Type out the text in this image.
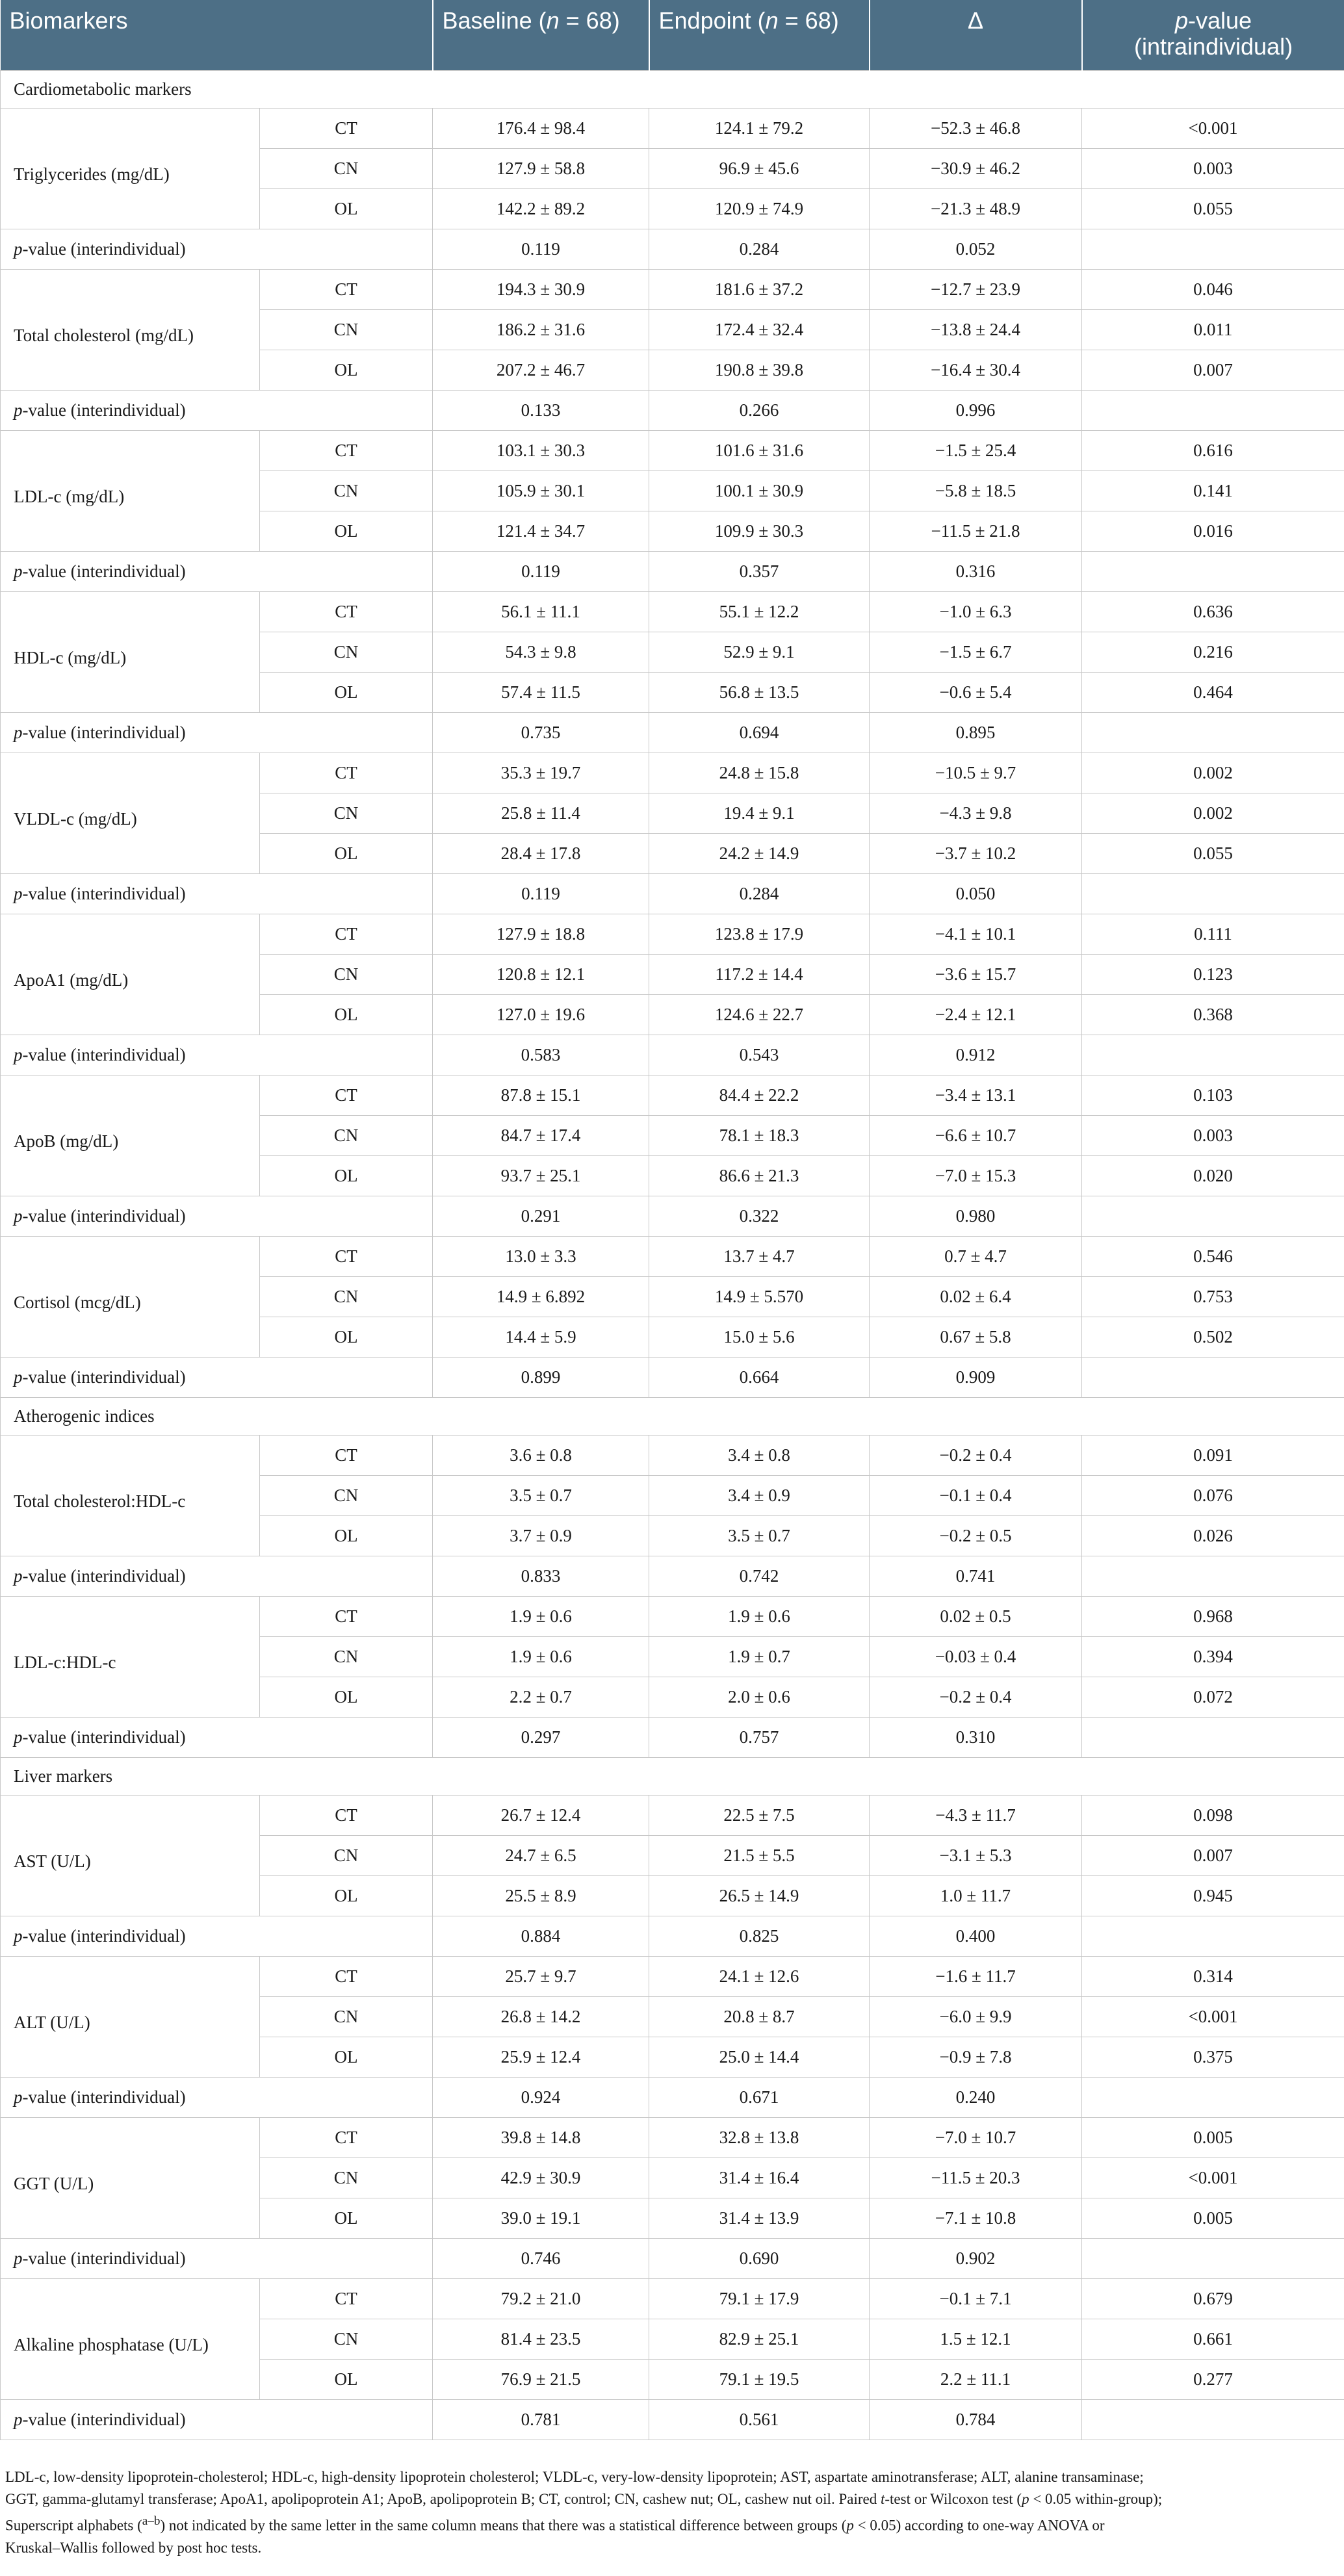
Biomarkers		Baseline (n = 68)	Endpoint (n = 68)	Δ	p-value
(intraindividual)
Cardiometabolic markers					
Triglycerides (mg/dL)	CT	176.4 ± 98.4	124.1 ± 79.2	−52.3 ± 46.8	<0.001
	CN	127.9 ± 58.8	96.9 ± 45.6	−30.9 ± 46.2	0.003
	OL	142.2 ± 89.2	120.9 ± 74.9	−21.3 ± 48.9	0.055
p-value (interindividual)		0.119	0.284	0.052	
Total cholesterol (mg/dL)	CT	194.3 ± 30.9	181.6 ± 37.2	−12.7 ± 23.9	0.046
	CN	186.2 ± 31.6	172.4 ± 32.4	−13.8 ± 24.4	0.011
	OL	207.2 ± 46.7	190.8 ± 39.8	−16.4 ± 30.4	0.007
p-value (interindividual)		0.133	0.266	0.996	
LDL-c (mg/dL)	CT	103.1 ± 30.3	101.6 ± 31.6	−1.5 ± 25.4	0.616
	CN	105.9 ± 30.1	100.1 ± 30.9	−5.8 ± 18.5	0.141
	OL	121.4 ± 34.7	109.9 ± 30.3	−11.5 ± 21.8	0.016
p-value (interindividual)		0.119	0.357	0.316	
HDL-c (mg/dL)	CT	56.1 ± 11.1	55.1 ± 12.2	−1.0 ± 6.3	0.636
	CN	54.3 ± 9.8	52.9 ± 9.1	−1.5 ± 6.7	0.216
	OL	57.4 ± 11.5	56.8 ± 13.5	−0.6 ± 5.4	0.464
p-value (interindividual)		0.735	0.694	0.895	
VLDL-c (mg/dL)	CT	35.3 ± 19.7	24.8 ± 15.8	−10.5 ± 9.7	0.002
	CN	25.8 ± 11.4	19.4 ± 9.1	−4.3 ± 9.8	0.002
	OL	28.4 ± 17.8	24.2 ± 14.9	−3.7 ± 10.2	0.055
p-value (interindividual)		0.119	0.284	0.050	
ApoA1 (mg/dL)	CT	127.9 ± 18.8	123.8 ± 17.9	−4.1 ± 10.1	0.111
	CN	120.8 ± 12.1	117.2 ± 14.4	−3.6 ± 15.7	0.123
	OL	127.0 ± 19.6	124.6 ± 22.7	−2.4 ± 12.1	0.368
p-value (interindividual)		0.583	0.543	0.912	
ApoB (mg/dL)	CT	87.8 ± 15.1	84.4 ± 22.2	−3.4 ± 13.1	0.103
	CN	84.7 ± 17.4	78.1 ± 18.3	−6.6 ± 10.7	0.003
	OL	93.7 ± 25.1	86.6 ± 21.3	−7.0 ± 15.3	0.020
p-value (interindividual)		0.291	0.322	0.980	
Cortisol (mcg/dL)	CT	13.0 ± 3.3	13.7 ± 4.7	0.7 ± 4.7	0.546
	CN	14.9 ± 6.892	14.9 ± 5.570	0.02 ± 6.4	0.753
	OL	14.4 ± 5.9	15.0 ± 5.6	0.67 ± 5.8	0.502
p-value (interindividual)		0.899	0.664	0.909	
Atherogenic indices					
Total cholesterol:HDL-c	CT	3.6 ± 0.8	3.4 ± 0.8	−0.2 ± 0.4	0.091
	CN	3.5 ± 0.7	3.4 ± 0.9	−0.1 ± 0.4	0.076
	OL	3.7 ± 0.9	3.5 ± 0.7	−0.2 ± 0.5	0.026
p-value (interindividual)		0.833	0.742	0.741	
LDL-c:HDL-c	CT	1.9 ± 0.6	1.9 ± 0.6	0.02 ± 0.5	0.968
	CN	1.9 ± 0.6	1.9 ± 0.7	−0.03 ± 0.4	0.394
	OL	2.2 ± 0.7	2.0 ± 0.6	−0.2 ± 0.4	0.072
p-value (interindividual)		0.297	0.757	0.310	
Liver markers					
AST (U/L)	CT	26.7 ± 12.4	22.5 ± 7.5	−4.3 ± 11.7	0.098
	CN	24.7 ± 6.5	21.5 ± 5.5	−3.1 ± 5.3	0.007
	OL	25.5 ± 8.9	26.5 ± 14.9	1.0 ± 11.7	0.945
p-value (interindividual)		0.884	0.825	0.400	
ALT (U/L)	CT	25.7 ± 9.7	24.1 ± 12.6	−1.6 ± 11.7	0.314
	CN	26.8 ± 14.2	20.8 ± 8.7	−6.0 ± 9.9	<0.001
	OL	25.9 ± 12.4	25.0 ± 14.4	−0.9 ± 7.8	0.375
p-value (interindividual)		0.924	0.671	0.240	
GGT (U/L)	CT	39.8 ± 14.8	32.8 ± 13.8	−7.0 ± 10.7	0.005
	CN	42.9 ± 30.9	31.4 ± 16.4	−11.5 ± 20.3	<0.001
	OL	39.0 ± 19.1	31.4 ± 13.9	−7.1 ± 10.8	0.005
p-value (interindividual)		0.746	0.690	0.902	
Alkaline phosphatase (U/L)	CT	79.2 ± 21.0	79.1 ± 17.9	−0.1 ± 7.1	0.679
	CN	81.4 ± 23.5	82.9 ± 25.1	1.5 ± 12.1	0.661
	OL	76.9 ± 21.5	79.1 ± 19.5	2.2 ± 11.1	0.277
p-value (interindividual)		0.781	0.561	0.784	
LDL-c, low-density lipoprotein-cholesterol; HDL-c, high-density lipoprotein cholesterol; VLDL-c, very-low-density lipoprotein; AST, aspartate aminotransferase; ALT, alanine transaminase;
GGT, gamma-glutamyl transferase; ApoA1, apolipoprotein A1; ApoB, apolipoprotein B; CT, control; CN, cashew nut; OL, cashew nut oil. Paired t-test or Wilcoxon test (p < 0.05 within-group);
Superscript alphabets ($^{a-b}$) not indicated by the same letter in the same column means that there was a statistical difference between groups (p < 0.05) according to one-way ANOVA or
Kruskal–Wallis followed by post hoc tests.
